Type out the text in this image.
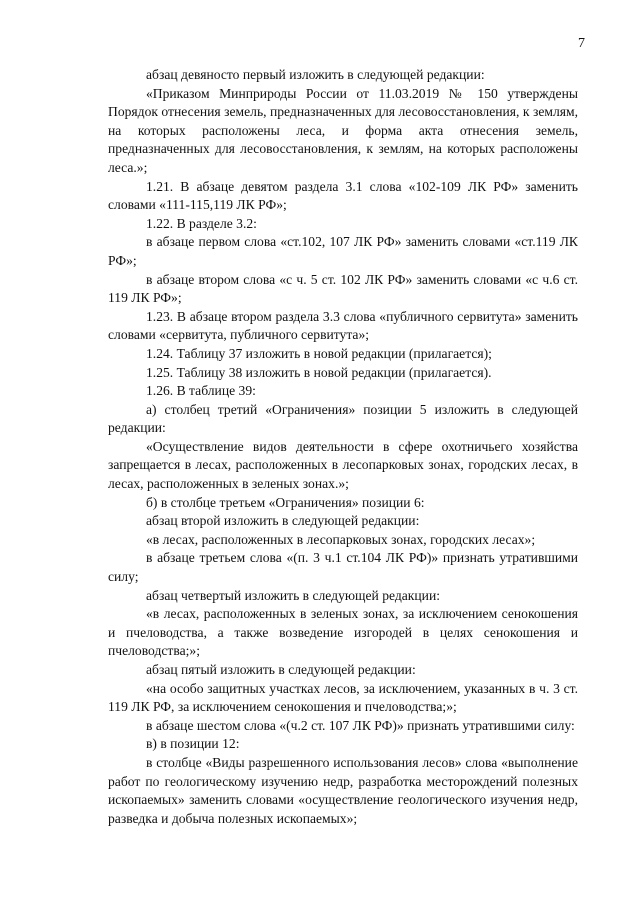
7

абзац девяносто первый изложить в следующей редакции:

«Приказом Минприроды России от 11.03.2019 № 150 утверждены Порядок отнесения земель, предназначенных для лесовосстановления, к землям, на которых расположены леса, и форма акта отнесения земель, предназначенных для лесовосстановления, к землям, на которых расположены леса.»;

1.21. В абзаце девятом раздела 3.1 слова «102-109 ЛК РФ» заменить словами «111-115,119 ЛК РФ»;

1.22. В разделе 3.2:

в абзаце первом слова «ст.102, 107 ЛК РФ» заменить словами «ст.119 ЛК РФ»;

в абзаце втором слова «с ч. 5 ст. 102 ЛК РФ» заменить словами «с ч.6 ст. 119 ЛК РФ»;

1.23. В абзаце втором раздела 3.3 слова «публичного сервитута» заменить словами «сервитута, публичного сервитута»;

1.24. Таблицу 37 изложить в новой редакции (прилагается);

1.25. Таблицу 38 изложить в новой редакции (прилагается).

1.26. В таблице 39:

а) столбец третий «Ограничения» позиции 5 изложить в следующей редакции:

«Осуществление видов деятельности в сфере охотничьего хозяйства запрещается в лесах, расположенных в лесопарковых зонах, городских лесах, в лесах, расположенных в зеленых зонах.»;

б) в столбце третьем «Ограничения» позиции 6:

абзац второй изложить в следующей редакции:

«в лесах, расположенных в лесопарковых зонах, городских лесах»;

в абзаце третьем слова «(п. 3 ч.1 ст.104 ЛК РФ)» признать утратившими силу;

абзац четвертый изложить в следующей редакции:

«в лесах, расположенных в зеленых зонах, за исключением сенокошения и пчеловодства, а также возведение изгородей в целях сенокошения и пчеловодства;»;

абзац пятый изложить в следующей редакции:

«на особо защитных участках лесов, за исключением, указанных в ч. 3 ст. 119 ЛК РФ, за исключением сенокошения и пчеловодства;»;

в абзаце шестом слова «(ч.2 ст. 107 ЛК РФ)» признать утратившими силу:

в) в позиции 12:

в столбце «Виды разрешенного использования лесов» слова «выполнение работ по геологическому изучению недр, разработка месторождений полезных ископаемых» заменить словами «осуществление геологического изучения недр, разведка и добыча полезных ископаемых»;
